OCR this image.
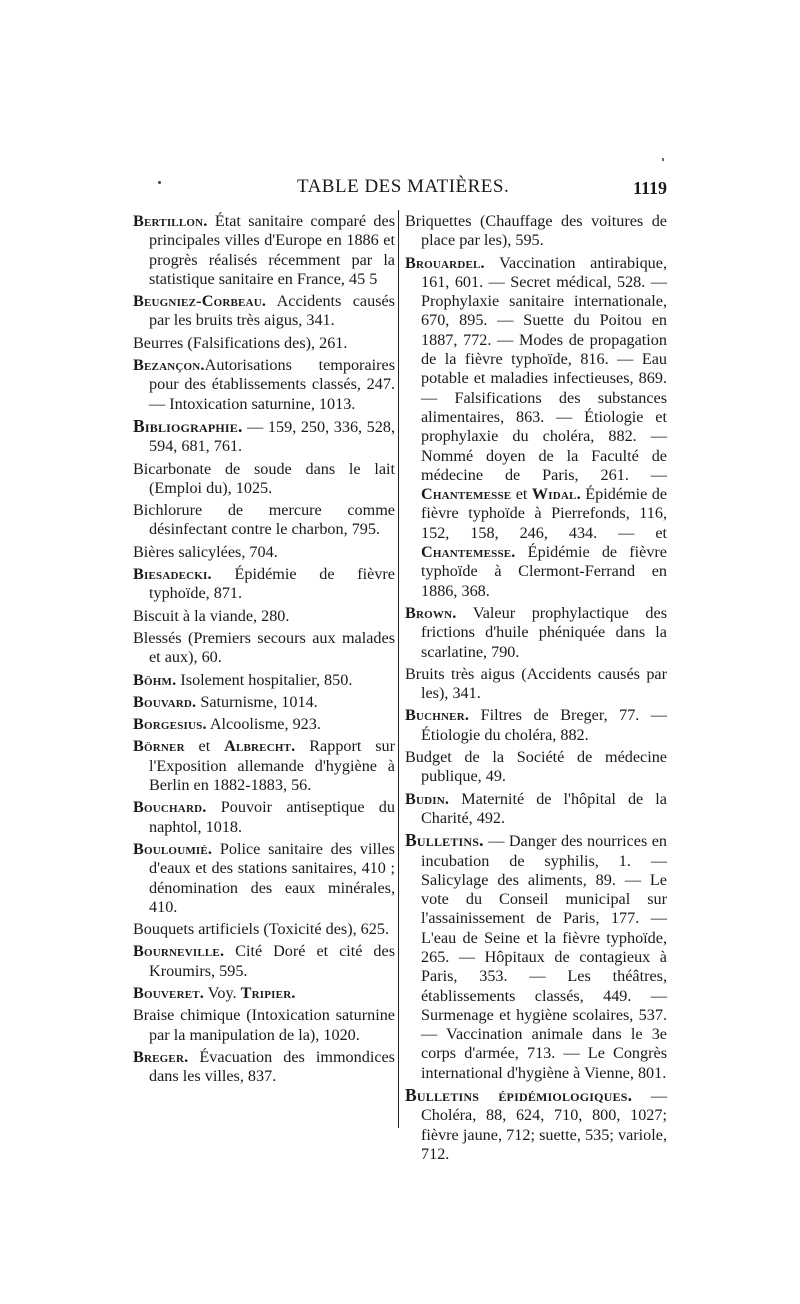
TABLE DES MATIÈRES.	1119
Bertillon. État sanitaire comparé des principales villes d'Europe en 1886 et progrès réalisés récemment par la statistique sanitaire en France, 45 5
Beugniez-Corbeau. Accidents causés par les bruits très aigus, 341.
Beurres (Falsifications des), 261.
Bezançon.Autorisations temporaires pour des établissements classés, 247. — Intoxication saturnine, 1013.
Bibliographie. — 159, 250, 336, 528, 594, 681, 761.
Bicarbonate de soude dans le lait (Emploi du), 1025.
Bichlorure de mercure comme désinfectant contre le charbon, 795.
Bières salicylées, 704.
Biesadecki. Épidémie de fièvre typhoïde, 871.
Biscuit à la viande, 280.
Blessés (Premiers secours aux malades et aux), 60.
Böhm. Isolement hospitalier, 850.
Bouvard. Saturnisme, 1014.
Borgesius. Alcoolisme, 923.
Börner et Albrecht. Rapport sur l'Exposition allemande d'hygiène à Berlin en 1882-1883, 56.
Bouchard. Pouvoir antiseptique du naphtol, 1018.
Bouloumié. Police sanitaire des villes d'eaux et des stations sanitaires, 410 ; dénomination des eaux minérales, 410.
Bouquets artificiels (Toxicité des), 625.
Bourneville. Cité Doré et cité des Kroumirs, 595.
Bouveret. Voy. Tripier.
Braise chimique (Intoxication saturnine par la manipulation de la), 1020.
Breger. Évacuation des immondices dans les villes, 837.
Briquettes (Chauffage des voitures de place par les), 595.
Brouardel. Vaccination antirabique, 161, 601. — Secret médical, 528. — Prophylaxie sanitaire internationale, 670, 895. — Suette du Poitou en 1887, 772. — Modes de propagation de la fièvre typhoïde, 816. — Eau potable et maladies infectieuses, 869. — Falsifications des substances alimentaires, 863. — Étiologie et prophylaxie du choléra, 882. — Nommé doyen de la Faculté de médecine de Paris, 261. — Chantemesse et Widal. Épidémie de fièvre typhoïde à Pierrefonds, 116, 152, 158, 246, 434. — et Chantemesse. Épidémie de fièvre typhoïde à Clermont-Ferrand en 1886, 368.
Brown. Valeur prophylactique des frictions d'huile phéniquée dans la scarlatine, 790.
Bruits très aigus (Accidents causés par les), 341.
Buchner. Filtres de Breger, 77. — Étiologie du choléra, 882.
Budget de la Société de médecine publique, 49.
Budin. Maternité de l'hôpital de la Charité, 492.
Bulletins. — Danger des nourrices en incubation de syphilis, 1. — Salicylage des aliments, 89. — Le vote du Conseil municipal sur l'assainissement de Paris, 177. — L'eau de Seine et la fièvre typhoïde, 265. — Hôpitaux de contagieux à Paris, 353. — Les théâtres, établissements classés, 449. — Surmenage et hygiène scolaires, 537. — Vaccination animale dans le 3e corps d'armée, 713. — Le Congrès international d'hygiène à Vienne, 801.
Bulletins épidémiologiques. — Choléra, 88, 624, 710, 800, 1027; fièvre jaune, 712; suette, 535; variole, 712.
